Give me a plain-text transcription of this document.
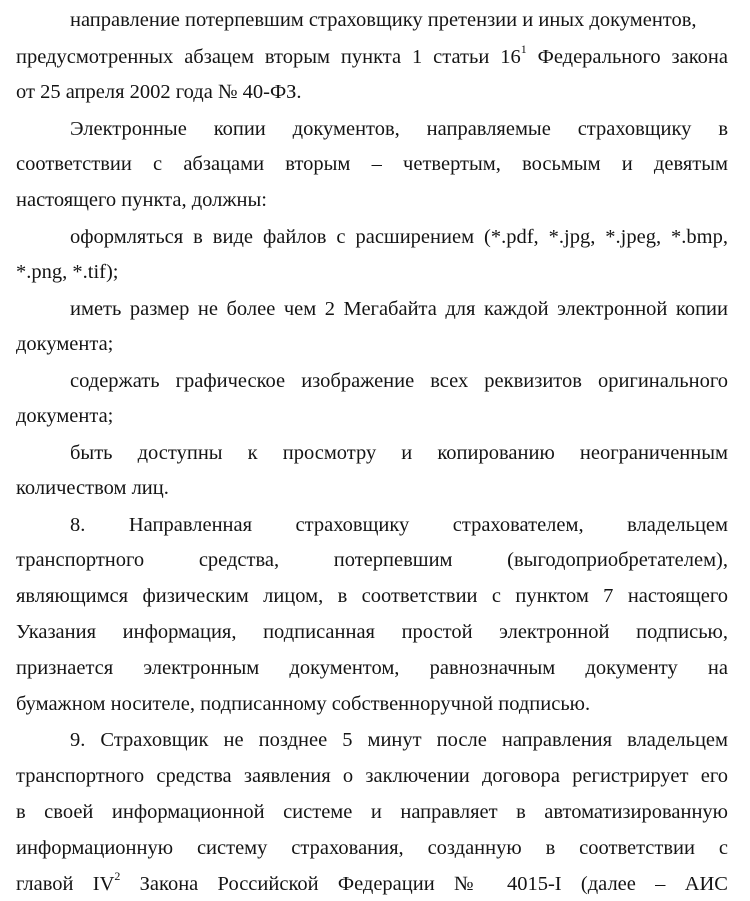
направление потерпевшим страховщику претензии и иных документов,
предусмотренных абзацем вторым пункта 1 статьи $16^1$ Федерального закона
от 25 апреля 2002 года № 40-ФЗ.
Электронные копии документов, направляемые страховщику в
соответствии с абзацами вторым – четвертым, восьмым и девятым
настоящего пункта, должны:
оформляться в виде файлов с расширением (*.pdf, *.jpg, *.jpeg, *.bmp,
*.png, *.tif);
иметь размер не более чем 2 Мегабайта для каждой электронной копии
документа;
содержать графическое изображение всех реквизитов оригинального
документа;
быть доступны к просмотру и копированию неограниченным
количеством лиц.
8. Направленная страховщику страхователем, владельцем
транспортного средства, потерпевшим (выгодоприобретателем),
являющимся физическим лицом, в соответствии с пунктом 7 настоящего
Указания информация, подписанная простой электронной подписью,
признается электронным документом, равнозначным документу на
бумажном носителе, подписанному собственноручной подписью.
9. Страховщик не позднее 5 минут после направления владельцем
транспортного средства заявления о заключении договора регистрирует его
в своей информационной системе и направляет в автоматизированную
информационную систему страхования, созданную в соответствии с
главой $IV^2$ Закона Российской Федерации № 4015-I (далее – АИС
